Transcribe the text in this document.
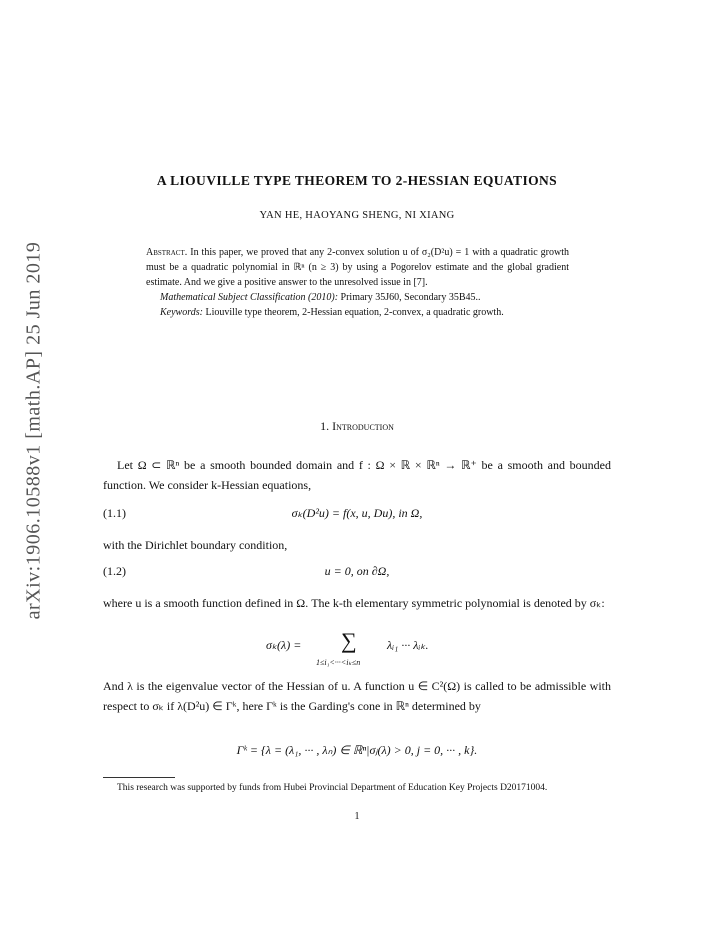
arXiv:1906.10588v1 [math.AP] 25 Jun 2019
A LIOUVILLE TYPE THEOREM TO 2-HESSIAN EQUATIONS
YAN HE, HAOYANG SHENG, NI XIANG

Abstract. In this paper, we proved that any 2-convex solution u of σ₂(D²u) = 1 with a quadratic growth must be a quadratic polynomial in ℝⁿ (n ≥ 3) by using a Pogorelov estimate and the global gradient estimate. And we give a positive answer to the unresolved issue in [7].

Mathematical Subject Classification (2010): Primary 35J60, Secondary 35B45..

Keywords: Liouville type theorem, 2-Hessian equation, 2-convex, a quadratic growth.

1. Introduction
Let Ω ⊂ ℝⁿ be a smooth bounded domain and f : Ω × ℝ × ℝⁿ → ℝ⁺ be a smooth and bounded function. We consider k-Hessian equations,
(1.1)	σₖ(D²u) = f(x, u, Du), in Ω,
with the Dirichlet boundary condition,
(1.2)	u = 0, on ∂Ω,
where u is a smooth function defined in Ω. The k-th elementary symmetric polynomial is denoted by σₖ:
σₖ(λ) = ∑
1≤i₁<···<iₖ≤n
λᵢ₁ ··· λᵢₖ.
And λ is the eigenvalue vector of the Hessian of u. A function u ∈ C²(Ω) is called to be admissible with respect to σₖ if λ(D²u) ∈ Γᵏ, here Γᵏ is the Garding's cone in ℝⁿ determined by
Γᵏ = {λ = (λ₁, ··· , λₙ) ∈ ℝⁿ|σⱼ(λ) > 0, j = 0, ··· , k}.
This research was supported by funds from Hubei Provincial Department of Education Key Projects D20171004.
1
